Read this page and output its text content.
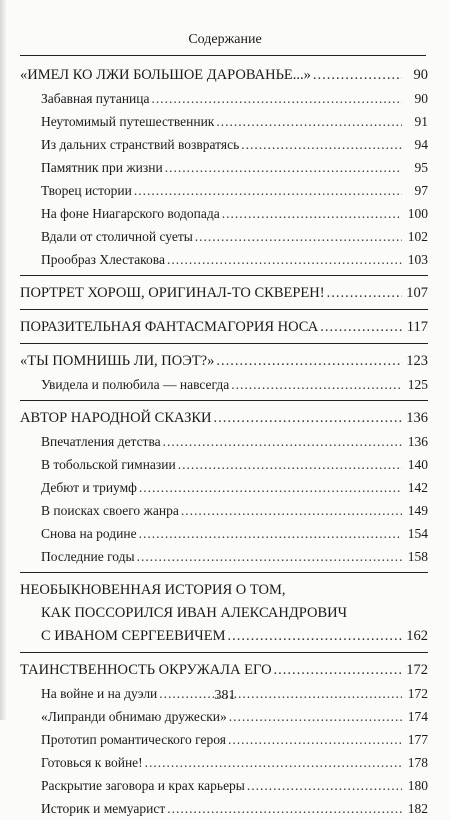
Содержание
«ИМЕЛ КО ЛЖИ БОЛЬШОЕ ДАРОВАНЬЕ...» .....	90
Забавная путаница .....	90
Неутомимый путешественник .....	91
Из дальних странствий возвратясь .....	94
Памятник при жизни .....	95
Творец истории .....	97
На фоне Ниагарского водопада .....	100
Вдали от столичной суеты .....	102
Прообраз Хлестакова .....	103
ПОРТРЕТ ХОРОШ, ОРИГИНАЛ-ТО СКВЕРЕН! .....	107
ПОРАЗИТЕЛЬНАЯ ФАНТАСМАГОРИЯ НОСА .....	117
«ТЫ ПОМНИШЬ ЛИ, ПОЭТ?» .....	123
Увидела и полюбила — навсегда .....	125
АВТОР НАРОДНОЙ СКАЗКИ .....	136
Впечатления детства .....	136
В тобольской гимназии .....	140
Дебют и триумф .....	142
В поисках своего жанра .....	149
Снова на родине .....	154
Последние годы .....	158
НЕОБЫКНОВЕННАЯ ИСТОРИЯ О ТОМ,
КАК ПОССОРИЛСЯ ИВАН АЛЕКСАНДРОВИЧ
С ИВАНОМ СЕРГЕЕВИЧЕМ .....	162
ТАИНСТВЕННОСТЬ ОКРУЖАЛА ЕГО .....	172
На войне и на дуэли .....	172
«Липранди обнимаю дружески» .....	174
Прототип романтического героя .....	177
Готовься к войне! .....	178
Раскрытие заговора и крах карьеры .....	180
Историк и мемуарист .....	182
381
